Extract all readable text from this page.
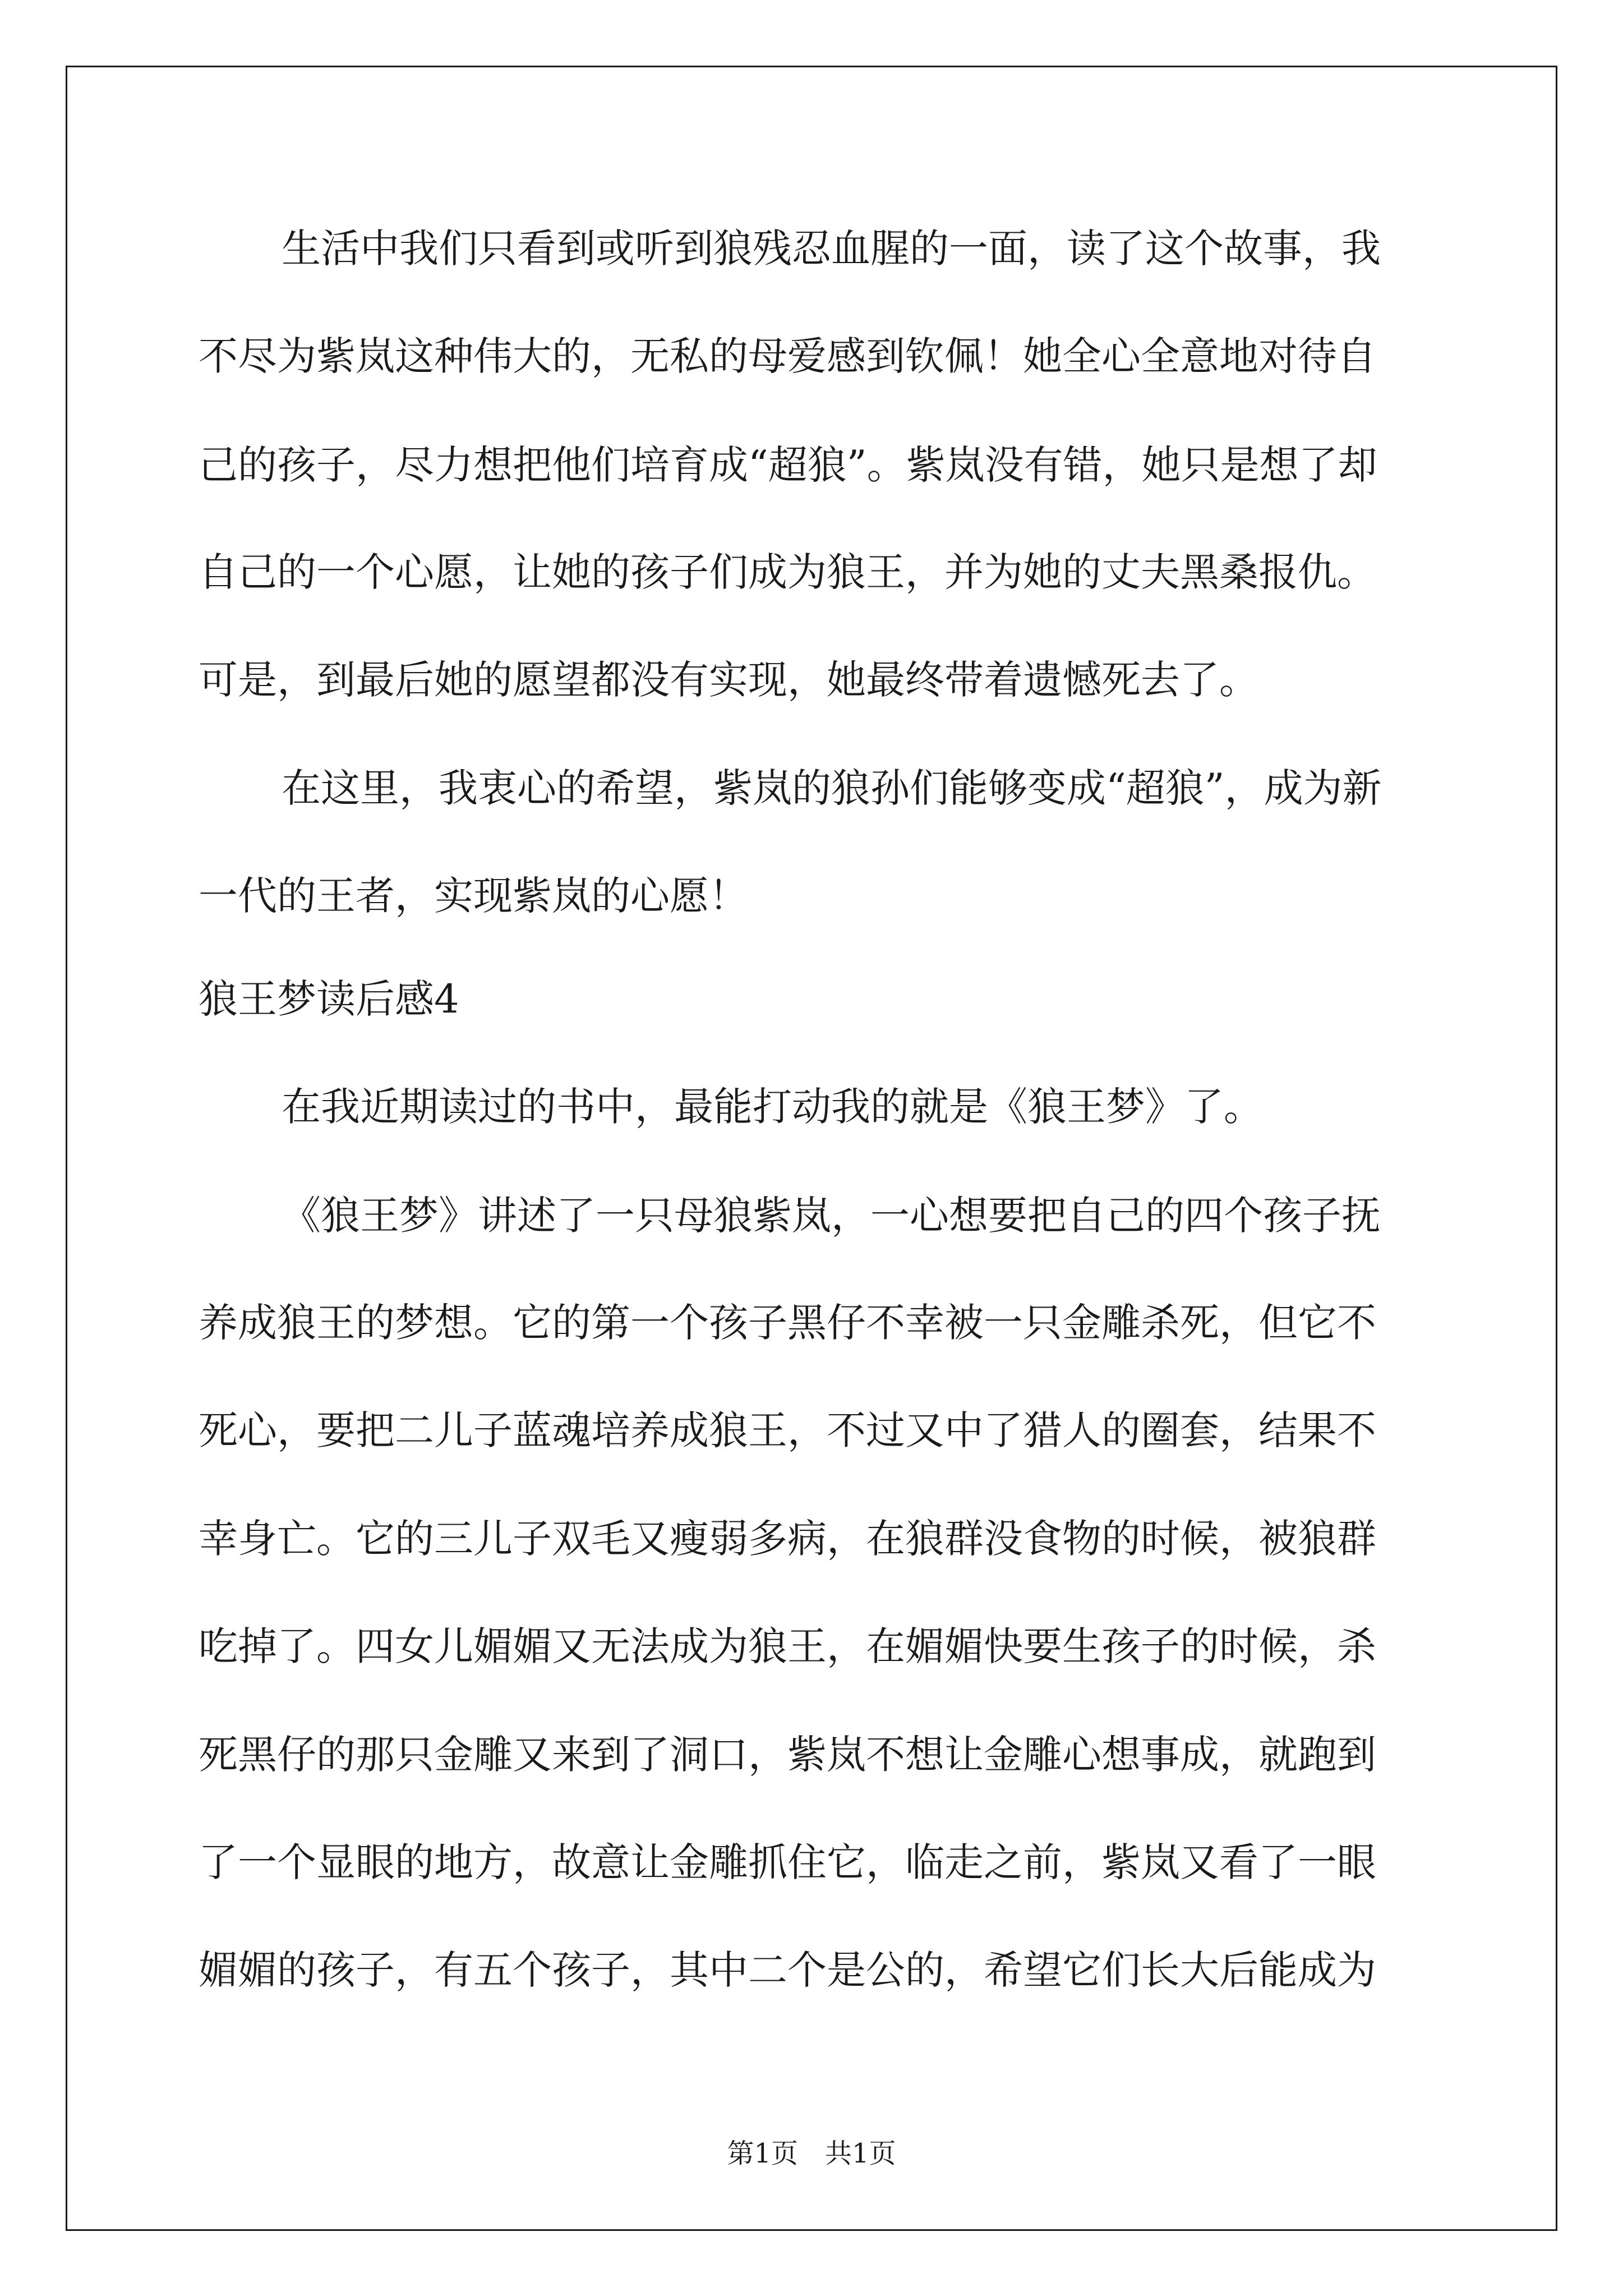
生活中我们只看到或听到狼残忍血腥的一面，读了这个故事，我
不尽为紫岚这种伟大的，无私的母爱感到钦佩！她全心全意地对待自
己的孩子，尽力想把他们培育成“超狼”。紫岚没有错，她只是想了却
自己的一个心愿，让她的孩子们成为狼王，并为她的丈夫黑桑报仇。
可是，到最后她的愿望都没有实现，她最终带着遗憾死去了。
在这里，我衷心的希望，紫岚的狼孙们能够变成“超狼”，成为新
一代的王者，实现紫岚的心愿！
狼王梦读后感4
在我近期读过的书中，最能打动我的就是《狼王梦》了。
《狼王梦》讲述了一只母狼紫岚，一心想要把自己的四个孩子抚
养成狼王的梦想。它的第一个孩子黑仔不幸被一只金雕杀死，但它不
死心，要把二儿子蓝魂培养成狼王，不过又中了猎人的圈套，结果不
幸身亡。它的三儿子双毛又瘦弱多病，在狼群没食物的时候，被狼群
吃掉了。四女儿媚媚又无法成为狼王，在媚媚快要生孩子的时候，杀
死黑仔的那只金雕又来到了洞口，紫岚不想让金雕心想事成，就跑到
了一个显眼的地方，故意让金雕抓住它，临走之前，紫岚又看了一眼
媚媚的孩子，有五个孩子，其中二个是公的，希望它们长大后能成为
第1页 共1页
